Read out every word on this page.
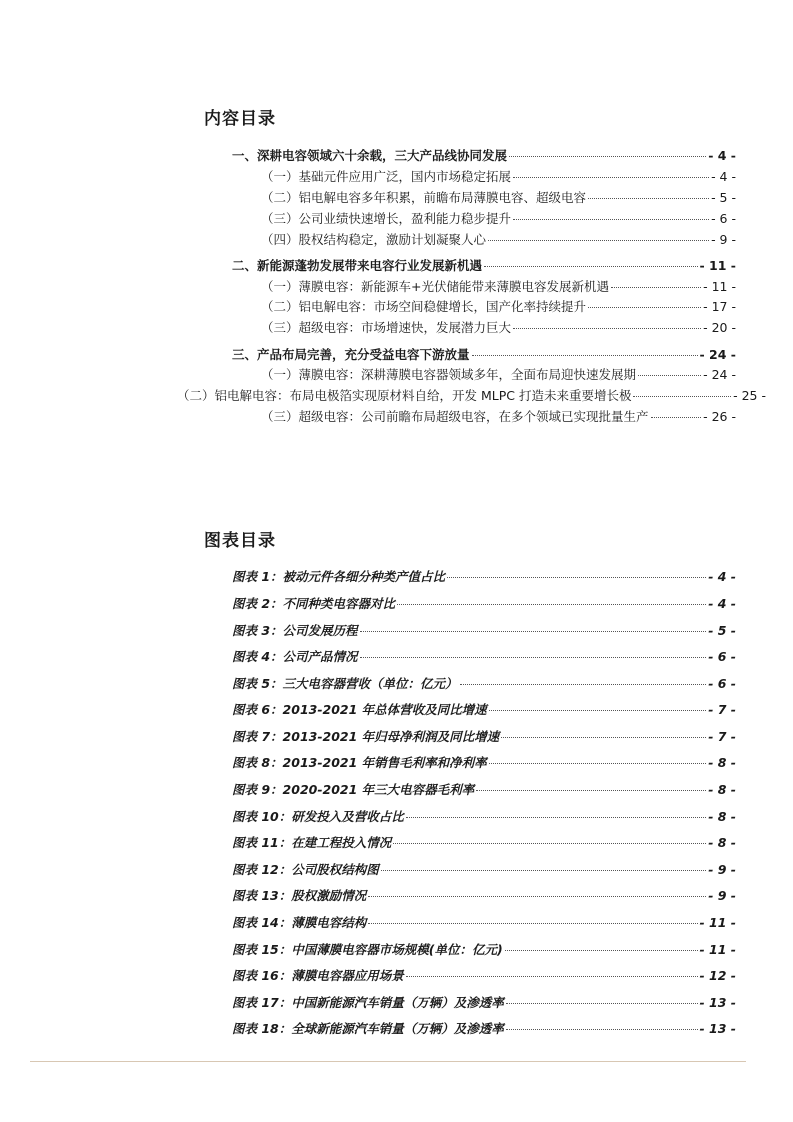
内容目录
一、深耕电容领域六十余载，三大产品线协同发展	- 4 -
（一）基础元件应用广泛，国内市场稳定拓展	- 4 -
（二）铝电解电容多年积累，前瞻布局薄膜电容、超级电容	- 5 -
（三）公司业绩快速增长，盈利能力稳步提升	- 6 -
（四）股权结构稳定，激励计划凝聚人心	- 9 -
二、新能源蓬勃发展带来电容行业发展新机遇	- 11 -
（一）薄膜电容：新能源车+光伏储能带来薄膜电容发展新机遇	- 11 -
（二）铝电解电容：市场空间稳健增长，国产化率持续提升	- 17 -
（三）超级电容：市场增速快，发展潜力巨大	- 20 -
三、产品布局完善，充分受益电容下游放量	- 24 -
（一）薄膜电容：深耕薄膜电容器领域多年，全面布局迎快速发展期	- 24 -
（二）铝电解电容：布局电极箔实现原材料自给，开发 MLPC 打造未来重要增长极	- 25 -
（三）超级电容：公司前瞻布局超级电容，在多个领域已实现批量生产	- 26 -
图表目录
图表 1：被动元件各细分种类产值占比	- 4 -
图表 2：不同种类电容器对比	- 4 -
图表 3：公司发展历程	- 5 -
图表 4：公司产品情况	- 6 -
图表 5：三大电容器营收（单位：亿元）	- 6 -
图表 6：2013-2021 年总体营收及同比增速	- 7 -
图表 7：2013-2021 年归母净利润及同比增速	- 7 -
图表 8：2013-2021 年销售毛利率和净利率	- 8 -
图表 9：2020-2021 年三大电容器毛利率	- 8 -
图表 10：研发投入及营收占比	- 8 -
图表 11：在建工程投入情况	- 8 -
图表 12：公司股权结构图	- 9 -
图表 13：股权激励情况	- 9 -
图表 14：薄膜电容结构	- 11 -
图表 15：中国薄膜电容器市场规模(单位：亿元)	- 11 -
图表 16：薄膜电容器应用场景	- 12 -
图表 17：中国新能源汽车销量（万辆）及渗透率	- 13 -
图表 18：全球新能源汽车销量（万辆）及渗透率	- 13 -
